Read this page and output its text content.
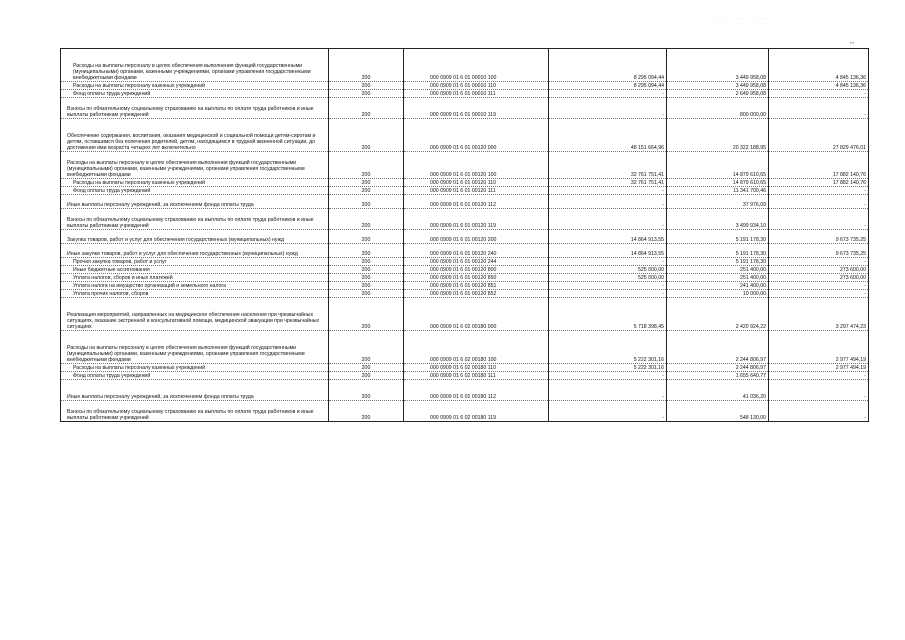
· · · · · · · · · · · · · · · · · · · · · ·
▪▪▪
Расходы на выплаты персоналу в целях обеспечения выполнения функций государственными (муниципальными) органами, казенными учреждениями, органами управления государственными внебюджетными фондами	200	000 0909 01 6 01 00010 100	8 295 094,44	3 449 958,08	4 845 136,36
Расходы на выплаты персоналу казенных учреждений	200	000 0909 01 6 01 00010 110	8 295 094,44	3 449 958,08	4 845 136,36
Фонд оплаты труда учреждений	200	000 0909 01 6 01 00010 111	-	2 649 958,08	-
Взносы по обязательному социальному страхованию на выплаты по оплате труда работников и иные выплаты работникам учреждений	200	000 0909 01 6 01 00010 119	-	800 000,00	-
Обеспечение содержания, воспитания, оказания медицинской и социальной помощи детям-сиротам и детям, оставшимся без попечения родителей, детям, находящимся в трудной жизненной ситуации, до достижения ими возраста четырех лет включительно	200	000 0909 01 6 01 00120 000	48 151 664,96	20 322 188,95	27 829 476,01
Расходы на выплаты персоналу в целях обеспечения выполнения функций государственными (муниципальными) органами, казенными учреждениями, органами управления государственными внебюджетными фондами	200	000 0909 01 6 01 00120 100	32 761 751,41	14 879 610,65	17 882 140,76
Расходы на выплаты персоналу казенных учреждений	200	000 0909 01 6 01 00120 110	32 761 751,41	14 879 610,65	17 882 140,76
Фонд оплаты труда учреждений	200	000 0909 01 6 01 00120 111	-	11 341 700,46	-
Иные выплаты персоналу учреждений, за исключением фонда оплаты труда	200	000 0909 01 6 01 00120 112	-	37 976,09	-
Взносы по обязательному социальному страхованию на выплаты по оплате труда работников и иные выплаты работникам учреждений	200	000 0909 01 6 01 00120 119	-	3 499 934,10	-
Закупка товаров, работ и услуг для обеспечения государственных (муниципальных) нужд	200	000 0909 01 6 01 00120 200	14 864 913,55	5 191 178,30	9 673 735,25
Иные закупки товаров, работ и услуг для обеспечения государственных (муниципальных) нужд	200	000 0909 01 6 01 00120 240	14 864 913,55	5 191 178,30	9 673 735,25
Прочая закупка товаров, работ и услуг	200	000 0909 01 6 01 00120 244	-	5 191 178,30	-
Иные бюджетные ассигнования	200	000 0909 01 6 01 00120 800	525 000,00	251 400,00	273 600,00
Уплата налогов, сборов и иных платежей	200	000 0909 01 6 01 00120 850	525 000,00	251 400,00	273 600,00
Уплата налога на имущество организаций и земельного налога	200	000 0909 01 6 01 00120 851	-	241 400,00	-
Уплата прочих налогов, сборов	200	000 0909 01 6 01 00120 852	-	10 000,00	-
Реализация мероприятий, направленных на медицинское обеспечение населения при чрезвычайных ситуациях, оказание экстренной и консультативной помощи, медицинской эвакуации при чрезвычайных ситуациях	200	000 0909 01 6 02 00180 000	5 718 398,45	2 420 924,22	3 297 474,23
Расходы на выплаты персоналу в целях обеспечения выполнения функций государственными (муниципальными) органами, казенными учреждениями, органами управления государственными внебюджетными фондами	200	000 0909 01 6 02 00180 100	5 222 301,16	2 244 806,97	2 977 494,19
Расходы на выплаты персоналу казенных учреждений	200	000 0909 01 6 02 00180 110	5 222 301,16	2 244 806,97	2 977 494,19
Фонд оплаты труда учреждений	200	000 0909 01 6 02 00180 111	-	1 655 640,77	-
Иные выплаты персоналу учреждений, за исключением фонда оплаты труда	200	000 0909 01 6 02 00180 112	-	41 036,20	-
Взносы по обязательному социальному страхованию на выплаты по оплате труда работников и иные выплаты работникам учреждений	200	000 0909 01 6 02 00180 119	-	548 130,00	-
